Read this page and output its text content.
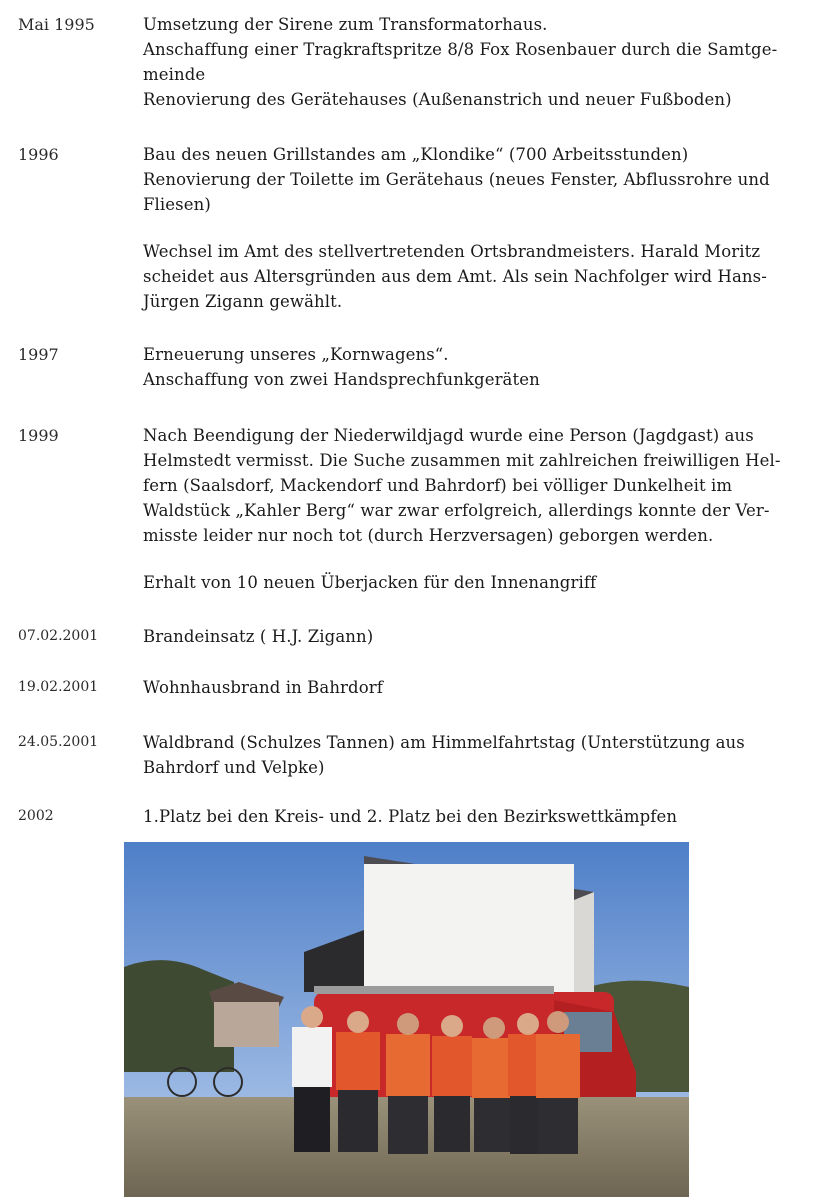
Mai 1995	Umsetzung der Sirene zum Transformatorhaus.
Anschaffung einer Tragkraftspritze 8/8 Fox Rosenbauer durch die Samtge-
meinde
Renovierung des Gerätehauses (Außenanstrich und neuer Fußboden)
1996	Bau des neuen Grillstandes am „Klondike“ (700 Arbeitsstunden)
Renovierung der Toilette im Gerätehaus (neues Fenster, Abflussrohre und
Fliesen)
Wechsel im Amt des stellvertretenden Ortsbrandmeisters. Harald Moritz
scheidet aus Altersgründen aus dem Amt. Als sein Nachfolger wird Hans-
Jürgen Zigann gewählt.
1997	Erneuerung unseres „Kornwagens“.
Anschaffung von zwei Handsprechfunkgeräten
1999	Nach Beendigung der Niederwildjagd wurde eine Person (Jagdgast) aus
Helmstedt vermisst. Die Suche zusammen mit zahlreichen freiwilligen Hel-
fern (Saalsdorf, Mackendorf und Bahrdorf) bei völliger Dunkelheit im
Waldstück „Kahler Berg“ war zwar erfolgreich, allerdings konnte der Ver-
misste leider nur noch tot (durch Herzversagen) geborgen werden.
Erhalt von 10 neuen Überjacken für den Innenangriff
07.02.2001	Brandeinsatz ( H.J. Zigann)
19.02.2001	Wohnhausbrand in Bahrdorf
24.05.2001	Waldbrand (Schulzes Tannen) am Himmelfahrtstag (Unterstützung aus
Bahrdorf und Velpke)
2002	1.Platz bei den Kreis- und 2. Platz bei den Bezirkswettkämpfen
